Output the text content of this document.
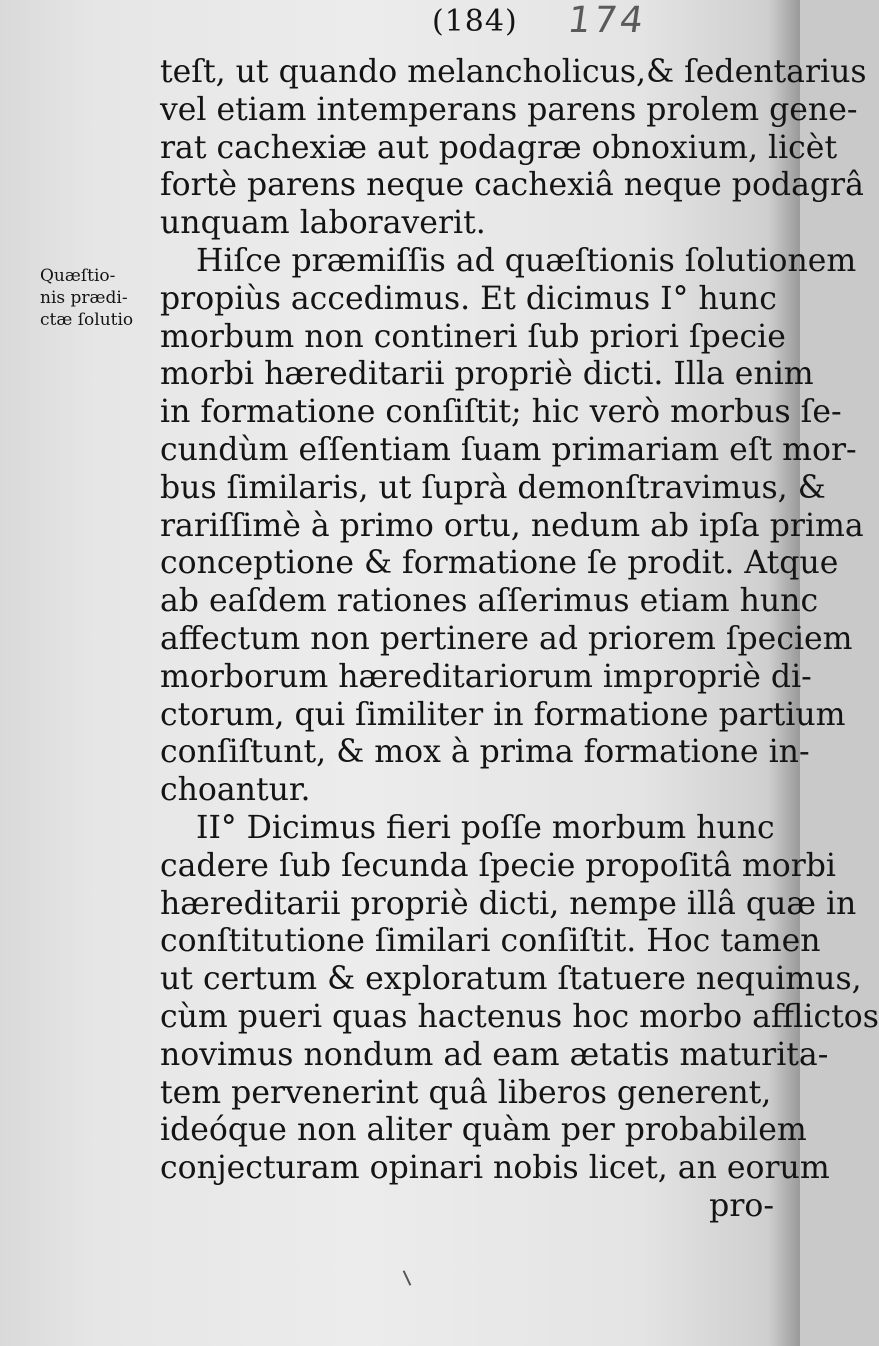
(184) 174
Quæſtio-
nis prædi-
ctæ ſolutio
teſt, ut quando melancholicus,& ſedentarius
vel etiam intemperans parens prolem gene-
rat cachexiæ aut podagræ obnoxium, licèt
fortè parens neque cachexiâ neque podagrâ
unquam laboraverit.
Hiſce præmiſſis ad quæſtionis ſolutionem
propiùs accedimus. Et dicimus I° hunc
morbum non contineri ſub priori ſpecie
morbi hæreditarii propriè dicti. Illa enim
in formatione conſiſtit; hic verò morbus ſe-
cundùm eſſentiam ſuam primariam eſt mor-
bus ſimilaris, ut ſuprà demonſtravimus, &
rariſſimè à primo ortu, nedum ab ipſa prima
conceptione & formatione ſe prodit. Atque
ab eaſdem rationes aſſerimus etiam hunc
affectum non pertinere ad priorem ſpeciem
morborum hæreditariorum impropriè di-
ctorum, qui ſimiliter in formatione partium
conſiſtunt, & mox à prima formatione in-
choantur.
II° Dicimus fieri poſſe morbum hunc
cadere ſub ſecunda ſpecie propoſitâ morbi
hæreditarii propriè dicti, nempe illâ quæ in
conſtitutione ſimilari conſiſtit. Hoc tamen
ut certum & exploratum ſtatuere nequimus,
cùm pueri quas hactenus hoc morbo afflictos
novimus nondum ad eam ætatis maturita-
tem pervenerint quâ liberos generent,
ideóque non aliter quàm per probabilem
conjecturam opinari nobis licet, an eorum
pro-
